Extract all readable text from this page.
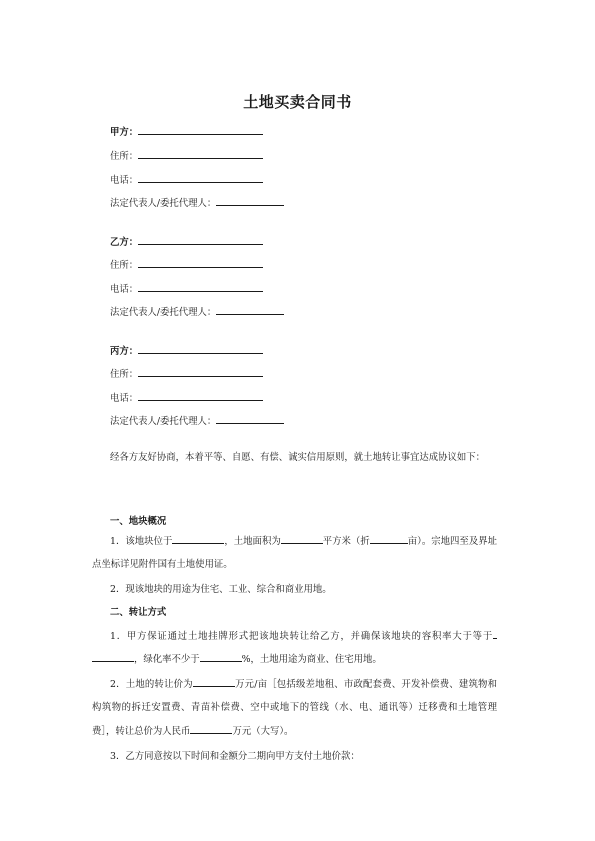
土地买卖合同书
甲方：
住所：
电话：
法定代表人/委托代理人：
乙方：
住所：
电话：
法定代表人/委托代理人：
丙方：
住所：
电话：
法定代表人/委托代理人：
经各方友好协商，本着平等、自愿、有偿、诚实信用原则，就土地转让事宜达成协议如下：
一、地块概况
1．该地块位于	，土地面积为	平方米（折	亩）。宗地四至及界址点坐标详见附件国有土地使用证。
2．现该地块的用途为住宅、工业、综合和商业用地。
二、转让方式
1．甲方保证通过土地挂牌形式把该地块转让给乙方，并确保该地块的容积率大于等于，绿化率不少于	%，土地用途为商业、住宅用地。
2．土地的转让价为	万元/亩［包括级差地租、市政配套费、开发补偿费、建筑物和构筑物的拆迁安置费、青苗补偿费、空中或地下的管线（水、电、通讯等）迁移费和土地管理费］，转让总价为人民币	万元（大写）。
3．乙方同意按以下时间和金额分二期向甲方支付土地价款：
